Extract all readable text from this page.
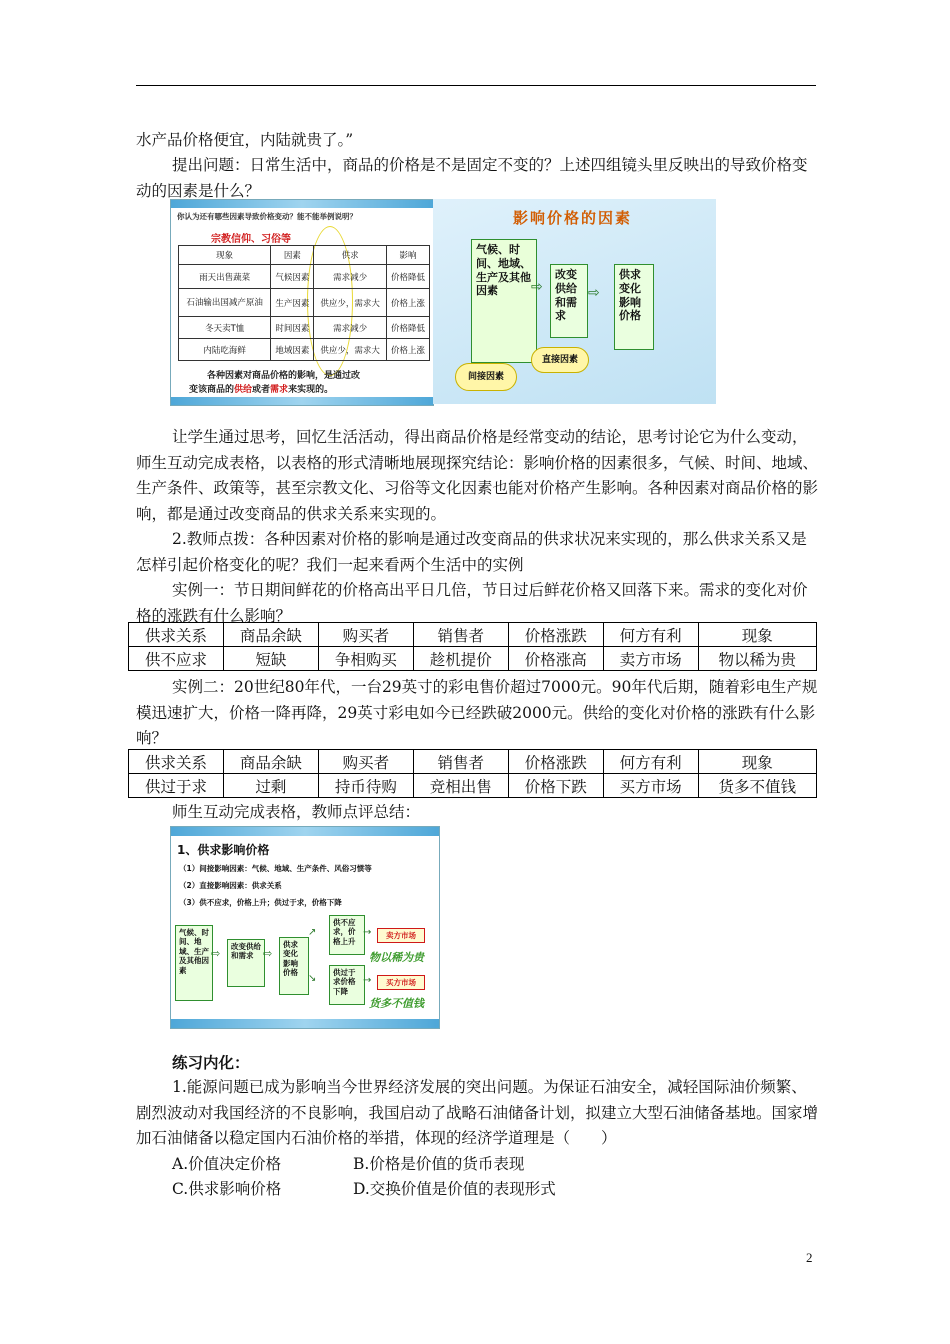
水产品价格便宜，内陆就贵了。”

提出问题：日常生活中，商品的价格是不是固定不变的？上述四组镜头里反映出的导致价格变动的因素是什么？

你认为还有哪些因素导致价格变动？能不能举例说明？
宗教信仰、习俗等
现象	因素	供求	影响
雨天出售蔬菜	气候因素	需求减少	价格降低
石油输出国减产原油	生产因素	供应少，需求大	价格上涨
冬天卖T恤	时间因素	需求减少	价格降低
内陆吃海鲜	地域因素	供应少，需求大	价格上涨
各种因素对商品价格的影响，是通过改
变该商品的供给或者需求来实现的。
影响价格的因素
气候、时间、地域、生产及其他因素	⇨
改变供给和需求
⇨
供求变化影响价格
间接因素
直接因素

让学生通过思考，回忆生活活动，得出商品价格是经常变动的结论，思考讨论它为什么变动，师生互动完成表格，以表格的形式清晰地展现探究结论：影响价格的因素很多，气候、时间、地域、生产条件、政策等，甚至宗教文化、习俗等文化因素也能对价格产生影响。各种因素对商品价格的影响，都是通过改变商品的供求关系来实现的。

2.教师点拨：各种因素对价格的影响是通过改变商品的供求状况来实现的，那么供求关系又是怎样引起价格变化的呢？我们一起来看两个生活中的实例

实例一：节日期间鲜花的价格高出平日几倍，节日过后鲜花价格又回落下来。需求的变化对价格的涨跌有什么影响？

供求关系	商品余缺	购买者	销售者	价格涨跌	何方有利	现象
供不应求	短缺	争相购买	趁机提价	价格涨高	卖方市场	物以稀为贵

实例二：20世纪80年代，一台29英寸的彩电售价超过7000元。90年代后期，随着彩电生产规模迅速扩大，价格一降再降，29英寸彩电如今已经跌破2000元。供给的变化对价格的涨跌有什么影响？

供求关系	商品余缺	购买者	销售者	价格涨跌	何方有利	现象
供过于求	过剩	持币待购	竞相出售	价格下跌	买方市场	货多不值钱

师生互动完成表格，教师点评总结：

1、供求影响价格
（1）间接影响因素：气候、地域、生产条件、风俗习惯等
（2）直接影响因素：供求关系
（3）供不应求，价格上升；供过于求，价格下降
气候、时间、地域、生产及其他因素
⇨
改变供给和需求 ⇨
供求变化影响价格
↗
↘
供不应求，价格上升
供过于求价格下降
→
→
卖方市场
买方市场
物以稀为贵
货多不值钱

练习内化：

1.能源问题已成为影响当今世界经济发展的突出问题。为保证石油安全，减轻国际油价频繁、剧烈波动对我国经济的不良影响，我国启动了战略石油储备计划，拟建立大型石油储备基地。国家增加石油储备以稳定国内石油价格的举措，体现的经济学道理是（　　）

A.价值决定价格	B.价格是价值的货币表现
C.供求影响价格	D.交换价值是价值的表现形式
2
